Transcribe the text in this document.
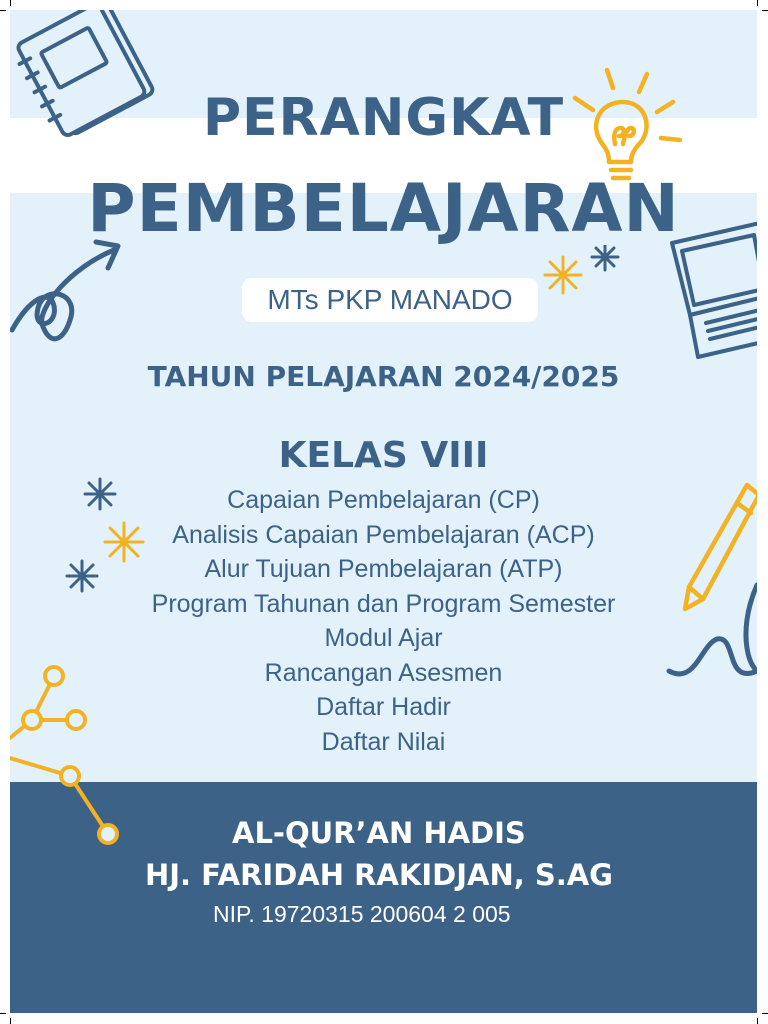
PERANGKAT
PEMBELAJARAN
MTs PKP MANADO
TAHUN PELAJARAN 2024/2025
KELAS VIII
Capaian Pembelajaran (CP)
Analisis Capaian Pembelajaran (ACP)
Alur Tujuan Pembelajaran (ATP)
Program Tahunan dan Program Semester
Modul Ajar
Rancangan Asesmen
Daftar Hadir
Daftar Nilai
AL-QUR’AN HADIS
HJ. FARIDAH RAKIDJAN, S.AG
NIP. 19720315 200604 2 005
